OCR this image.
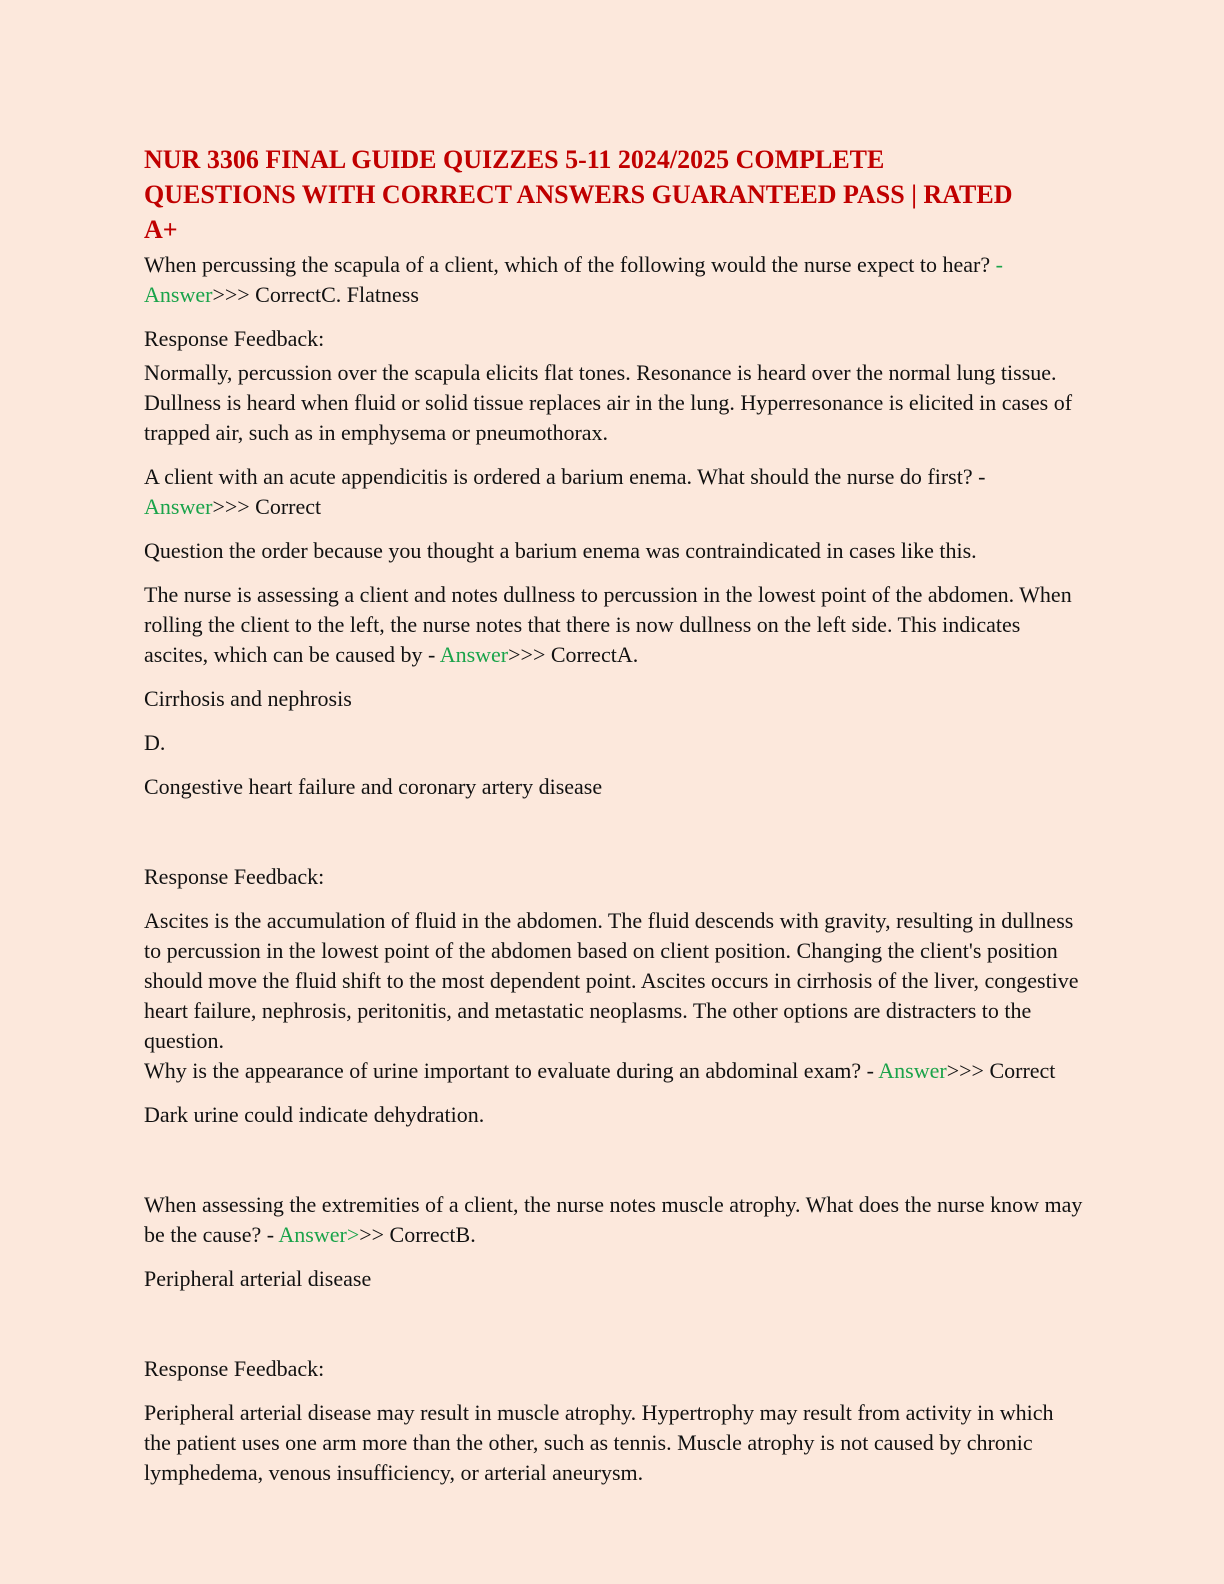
NUR 3306 FINAL GUIDE QUIZZES 5-11 2024/2025 COMPLETE QUESTIONS WITH CORRECT ANSWERS GUARANTEED PASS | RATED A+

When percussing the scapula of a client, which of the following would the nurse expect to hear? - Answer>>> CorrectC. Flatness

Response Feedback:

Normally, percussion over the scapula elicits flat tones. Resonance is heard over the normal lung tissue. Dullness is heard when fluid or solid tissue replaces air in the lung. Hyperresonance is elicited in cases of trapped air, such as in emphysema or pneumothorax.

A client with an acute appendicitis is ordered a barium enema. What should the nurse do first? - Answer>>> Correct

Question the order because you thought a barium enema was contraindicated in cases like this.

The nurse is assessing a client and notes dullness to percussion in the lowest point of the abdomen. When rolling the client to the left, the nurse notes that there is now dullness on the left side. This indicates ascites, which can be caused by - Answer>>> CorrectA.

Cirrhosis and nephrosis

D.

Congestive heart failure and coronary artery disease

Response Feedback:

Ascites is the accumulation of fluid in the abdomen. The fluid descends with gravity, resulting in dullness to percussion in the lowest point of the abdomen based on client position. Changing the client's position should move the fluid shift to the most dependent point. Ascites occurs in cirrhosis of the liver, congestive heart failure, nephrosis, peritonitis, and metastatic neoplasms. The other options are distracters to the question.

Why is the appearance of urine important to evaluate during an abdominal exam? - Answer>>> Correct

Dark urine could indicate dehydration.

When assessing the extremities of a client, the nurse notes muscle atrophy. What does the nurse know may be the cause? - Answer>>> CorrectB.

Peripheral arterial disease

Response Feedback:

Peripheral arterial disease may result in muscle atrophy. Hypertrophy may result from activity in which the patient uses one arm more than the other, such as tennis. Muscle atrophy is not caused by chronic lymphedema, venous insufficiency, or arterial aneurysm.
